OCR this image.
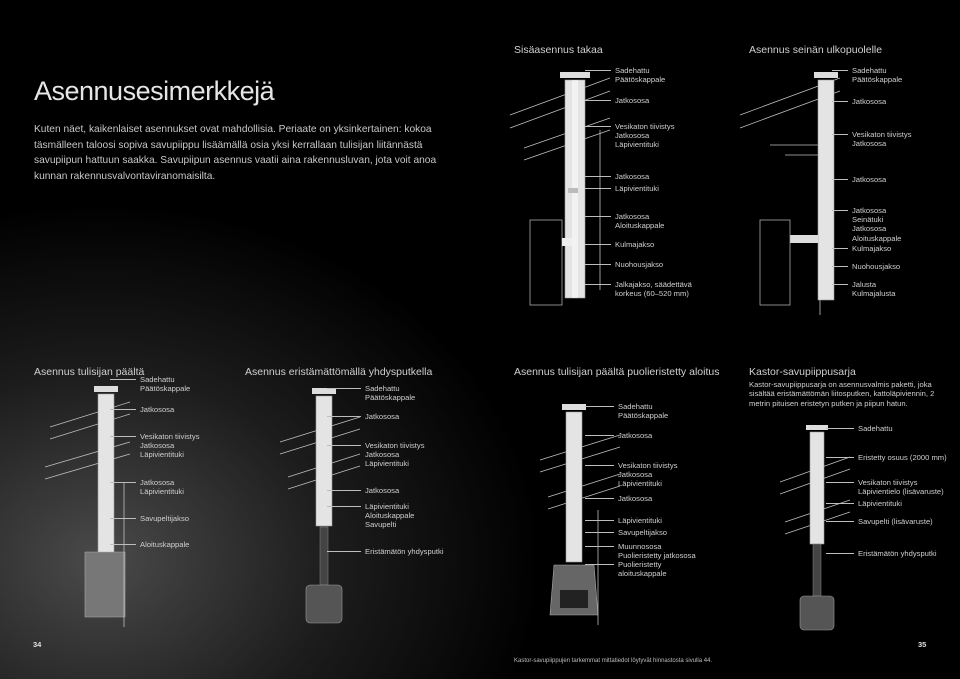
Asennusesimerkkejä
Kuten näet, kaikenlaiset asennukset ovat mahdollisia. Periaate on yksinkertainen: kokoa täsmälleen taloosi sopiva savupiippu lisäämällä osia yksi kerrallaan tulisijan liitännästä savupiipun hattuun saakka. Savupiipun asennus vaatii aina rakennusluvan, jota voit anoa kunnan rakennusvalvontaviranomaisilta.
Sisäasennus takaa	Asennus seinän ulkopuolelle
Asennus tulisijan päältä	Asennus eristämättömällä yhdysputkella	Asennus tulisijan päältä puolieristetty aloitus	Kastor-savupiippusarja
Kastor-savupiippusarja on asennusvalmis paketti, joka sisältää eristämättömän liitosputken, kattoläpiviennin, 2 metrin pituisen eristetyn putken ja piipun hatun.
Sadehattu
Päätöskappale
Jatkososa
Vesikaton tiivistys
Jatkososa
Läpivientituki
Jatkososa
Läpivientituki
Jatkososa
Aloituskappale
Kulmajakso
Nuohousjakso
Jalkajakso, säädettävä
korkeus (60–520 mm)
Sadehattu
Päätöskappale
Jatkososa
Vesikaton tiivistys
Jatkososa
Jatkososa
Jatkososa
Seinätuki
Jatkososa
Aloituskappale
Kulmajakso
Nuohousjakso
Jalusta
Kulmajalusta
Sadehattu
Päätöskappale
Jatkososa
Vesikaton tiivistys
Jatkososa
Läpivientituki
Jatkososa
Läpivientituki
Savupeltijakso
Aloituskappale
Sadehattu
Päätöskappale
Jatkososa
Vesikaton tiivistys
Jatkososa
Läpivientituki
Jatkososa
Läpivientituki
Aloituskappale
Savupelti
Eristämätön yhdysputki
Sadehattu
Päätöskappale
Jatkososa
Vesikaton tiivistys
Jatkososa
Läpivientituki
Jatkososa
Läpivientituki
Savupeltijakso
Muunnososa
Puolieristetty jatkososa
Puolieristetty
aloituskappale
Sadehattu
Eristetty osuus (2000 mm)
Vesikaton tiivistys
Läpivientielo (lisävaruste)
Läpivientituki
Savupelti (lisävaruste)
Eristämätön yhdysputki
34	35
Kastor-savupiippujen tarkemmat mittatiedot löytyvät hinnastosta sivulla 44.
